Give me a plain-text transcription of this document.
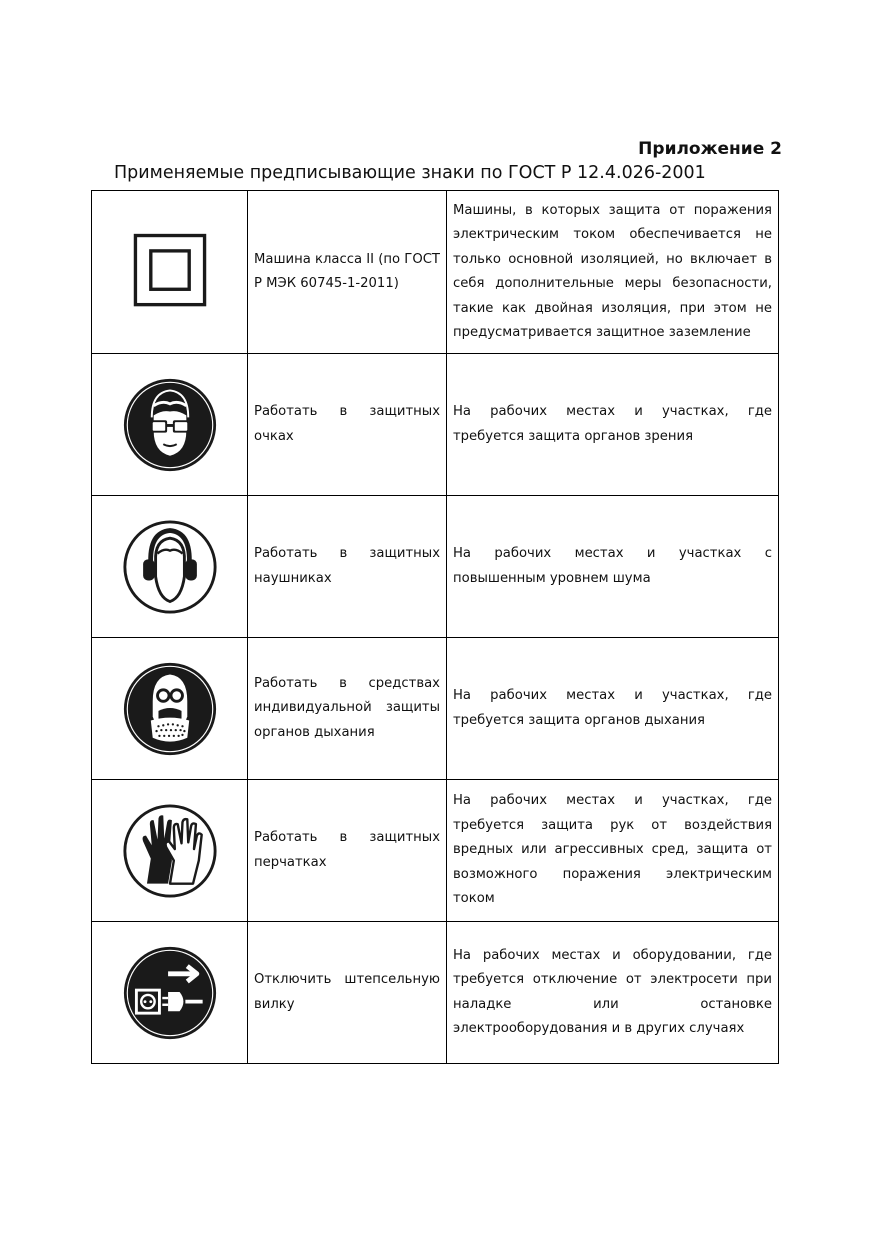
Приложение 2
Применяемые предписывающие знаки по ГОСТ Р 12.4.026-2001
	Машина класса II (по ГОСТ Р МЭК 60745-1-2011)	Машины, в которых защита от поражения электрическим током обеспечивается не только основной изоляцией, но включает в себя дополнительные меры безопасности, такие как двойная изоляция, при этом не предусматривается защитное заземление

	Работать в защитных очках	На рабочих местах и участках, где требуется защита органов зрения

	Работать в защитных наушниках	На рабочих местах и участках с повышенным уровнем шума

	Работать в средствах индивидуальной защиты органов дыхания	На рабочих местах и участках, где требуется защита органов дыхания

	Работать в защитных перчатках	На рабочих местах и участках, где требуется защита рук от воздействия вредных или агрессивных сред, защита от возможного поражения электрическим током

	Отключить штепсельную вилку	На рабочих местах и оборудовании, где требуется отключение от электросети при наладке или остановке электрооборудования и в других случаях
